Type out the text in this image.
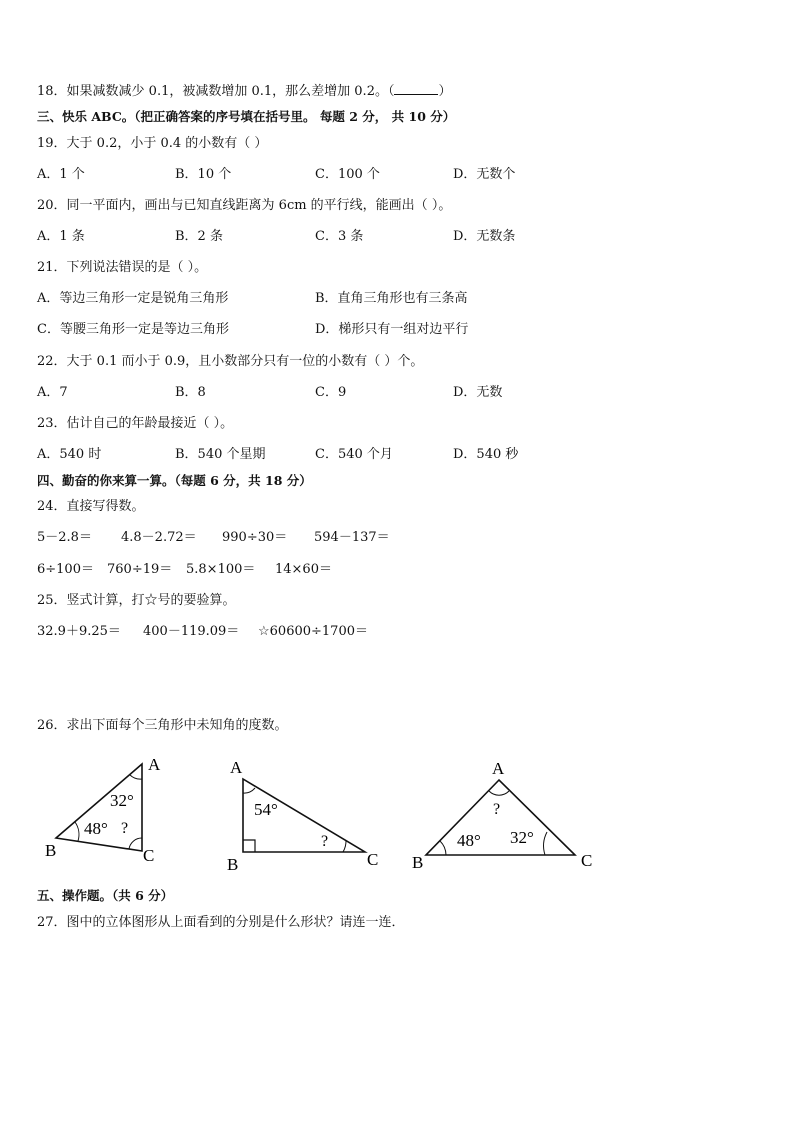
18．如果减数减少 0.1，被减数增加 0.1，那么差增加 0.2。（	）
三、快乐 ABC。（把正确答案的序号填在括号里。 每题 2 分， 共 10 分）
19．大于 0.2，小于 0.4 的小数有（ ）
A．1 个	B．10 个	C．100 个	D．无数个
20．同一平面内，画出与已知直线距离为 6cm 的平行线，能画出（ ）。
A．1 条	B．2 条	C．3 条	D．无数条
21．下列说法错误的是（ ）。
A．等边三角形一定是锐角三角形	B．直角三角形也有三条高
C．等腰三角形一定是等边三角形	D．梯形只有一组对边平行
22．大于 0.1 而小于 0.9，且小数部分只有一位的小数有（ ）个。
A．7	B．8	C．9	D．无数
23．估计自己的年龄最接近（ ）。
A．540 时	B．540 个星期	C．540 个月	D．540 秒
四、勤奋的你来算一算。（每题 6 分，共 18 分）
24．直接写得数。
5－2.8＝ 4.8－2.72＝ 990÷30＝ 594－137＝
6÷100＝ 760÷19＝ 5.8×100＝ 14×60＝
25．竖式计算，打☆号的要验算。
32.9＋9.25＝ 400－119.09＝ ☆60600÷1700＝
26．求出下面每个三角形中未知角的度数。
A
B	C
32°
48° ?
A
B	C
54°
?
A
B	C
?
48° 32°
五、操作题。（共 6 分）
27．图中的立体图形从上面看到的分别是什么形状？请连一连．
